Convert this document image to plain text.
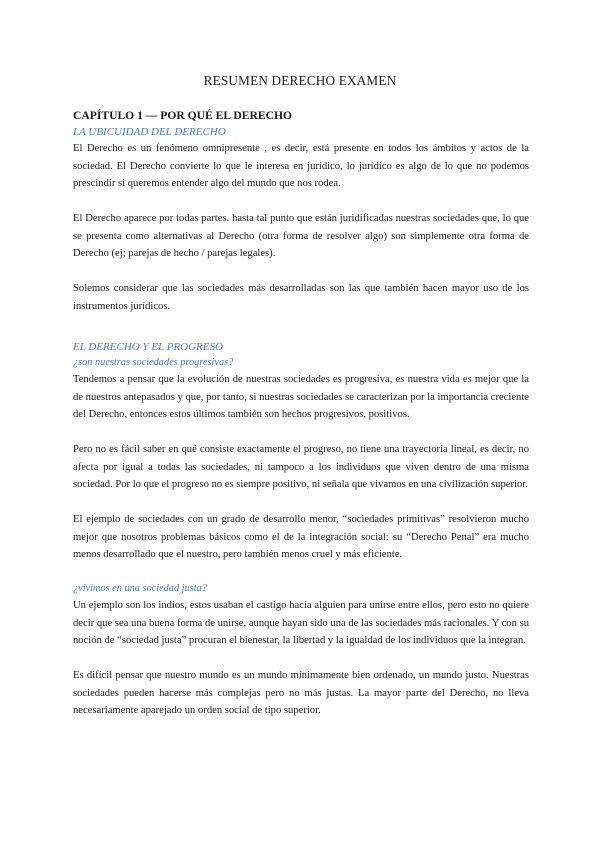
RESUMEN DERECHO EXAMEN
CAPÍTULO 1 — POR QUÉ EL DERECHO
LA UBICUIDAD DEL DERECHO

El Derecho es un fenómeno omnipresente , es decir, está presente en todos los ámbitos y actos de la sociedad. El Derecho convierte lo que le interesa en jurídico, lo jurídico es algo de lo que no podemos prescindir si queremos entender algo del mundo que nos rodea.

El Derecho aparece por todas partes. hasta tal punto que están juridificadas nuestras sociedades que, lo que se presenta como alternativas al Derecho (otra forma de resolver algo) son simplemente otra forma de Derecho (ej; parejas de hecho / parejas legales).

Solemos considerar que las sociedades más desarrolladas son las que también hacen mayor uso de los instrumentos jurídicos.

EL DERECHO Y EL PROGRESO
¿son nuestras sociedades progresivas?

Tendemos a pensar que la evolución de nuestras sociedades es progresiva, es nuestra vida es mejor que la de nuestros antepasados y que, por tanto, si nuestras sociedades se caracterizan por la importancia creciente del Derecho, entonces estos últimos también son hechos progresivos, positivos.

Pero no es fácil saber en qué consiste exactamente el progreso, no tiene una trayectoría lineal, es decir, no afecta por igual a todas las sociedades, ni tampoco a los individuos que viven dentro de una misma sociedad. Por lo que el progreso no es siempre positivo, ni señala que vivamos en una civilización superior.

El ejemplo de sociedades con un grado de desarrollo menor, “sociedades primitivas” resolvieron mucho mejor que nosotros problemas básicos como el de la integración social: su “Derecho Penal” era mucho menos desarrollado que el nuestro, pero también menos cruel y más eficiente.

¿vivimos en una sociedad justa?

Un ejemplo son los indios, estos usaban el castigo hacía alguien para unirse entre ellos, pero esto no quiere decir que sea una buena forma de unirse, aunque hayan sido una de las sociedades más racionales. Y con su noción de “sociedad justa” procuran el bienestar, la libertad y la igualdad de los individuos que la integran.

Es difícil pensar que nuestro mundo es un mundo mínimamente bien ordenado, un mundo justo. Nuestras sociedades pueden hacerse más complejas pero no más justas. La mayor parte del Derecho, no lleva necesariamente aparejado un orden social de tipo superior.
